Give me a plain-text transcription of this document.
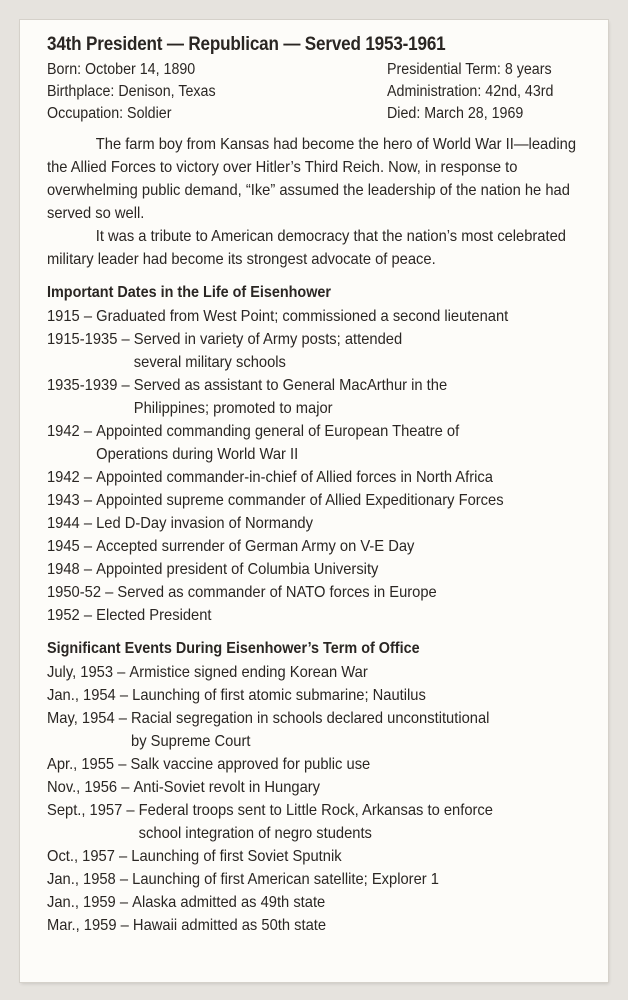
34th President — Republican — Served 1953-1961
Born: October 14, 1890
Birthplace: Denison, Texas
Occupation: Soldier
Presidential Term: 8 years
Administration: 42nd, 43rd
Died: March 28, 1969

The farm boy from Kansas had become the hero of World War II—leading the Allied Forces to victory over Hitler’s Third Reich. Now, in response to overwhelming public demand, “Ike” assumed the leadership of the nation he had served so well.

It was a tribute to American democracy that the nation’s most celebrated military leader had become its strongest advocate of peace.

Important Dates in the Life of Eisenhower
1915 – Graduated from West Point; commissioned a second lieutenant
1915-1935 – Served in variety of Army posts; attended
several military schools
1935-1939 – Served as assistant to General MacArthur in the
Philippines; promoted to major
1942 – Appointed commanding general of European Theatre of
Operations during World War II
1942 – Appointed commander-in-chief of Allied forces in North Africa
1943 – Appointed supreme commander of Allied Expeditionary Forces
1944 – Led D-Day invasion of Normandy
1945 – Accepted surrender of German Army on V-E Day
1948 – Appointed president of Columbia University
1950-52 – Served as commander of NATO forces in Europe
1952 – Elected President
Significant Events During Eisenhower’s Term of Office
July, 1953 – Armistice signed ending Korean War
Jan., 1954 – Launching of first atomic submarine; Nautilus
May, 1954 – Racial segregation in schools declared unconstitutional
by Supreme Court
Apr., 1955 – Salk vaccine approved for public use
Nov., 1956 – Anti-Soviet revolt in Hungary
Sept., 1957 – Federal troops sent to Little Rock, Arkansas to enforce
school integration of negro students
Oct., 1957 – Launching of first Soviet Sputnik
Jan., 1958 – Launching of first American satellite; Explorer 1
Jan., 1959 – Alaska admitted as 49th state
Mar., 1959 – Hawaii admitted as 50th state
